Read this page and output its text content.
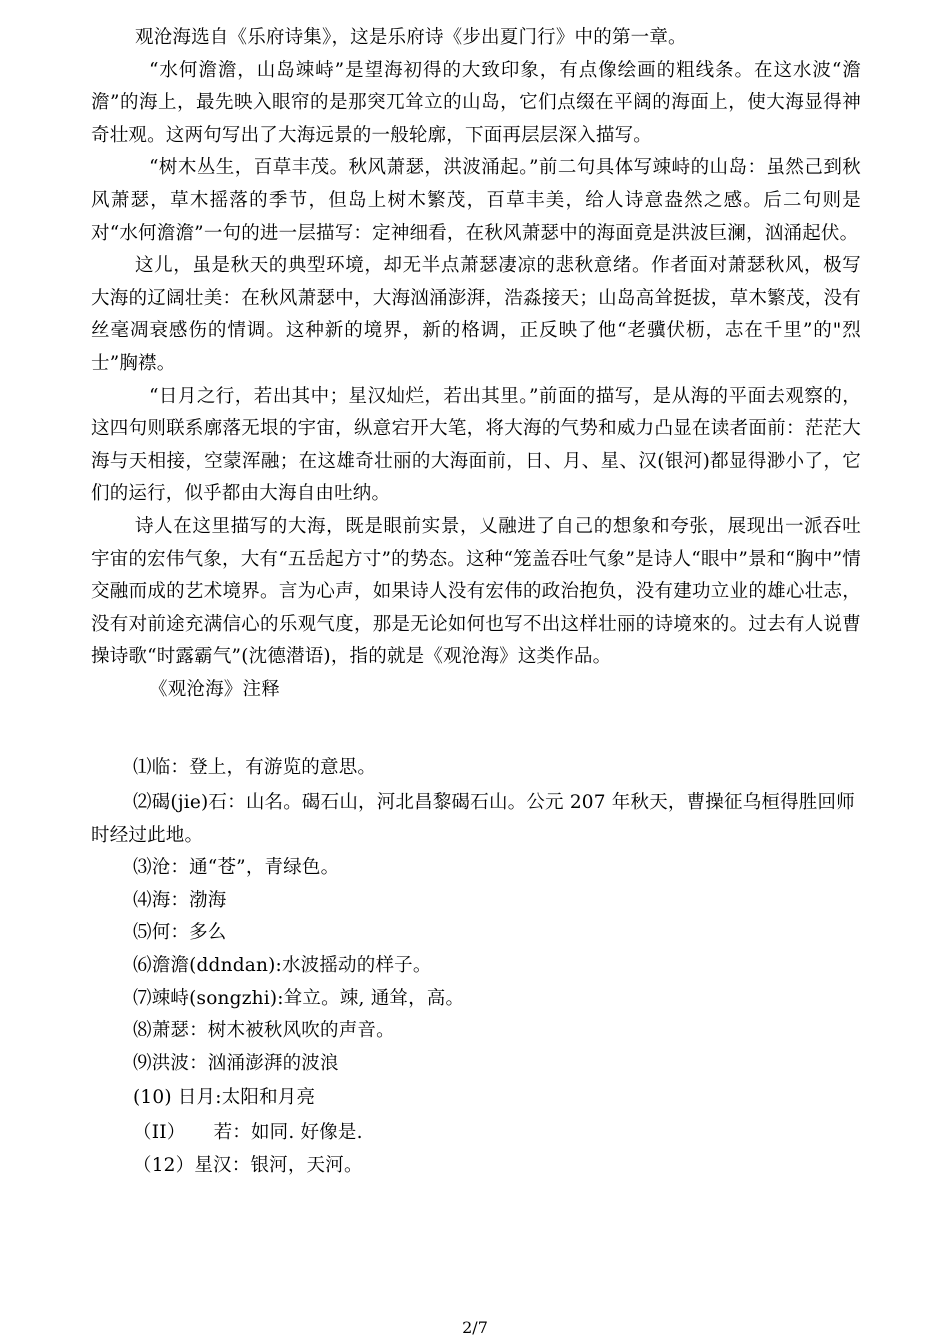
观沧海选自《乐府诗集》，这是乐府诗《步出夏门行》中的第一章。

“水何澹澹，山岛竦峙”是望海初得的大致印象，有点像绘画的粗线条。在这水波“澹澹”的海上，最先映入眼帘的是那突兀耸立的山岛，它们点缀在平阔的海面上，使大海显得神奇壮观。这两句写出了大海远景的一般轮廓，下面再层层深入描写。

“树木丛生，百草丰茂。秋风萧瑟，洪波涌起。”前二句具体写竦峙的山岛：虽然己到秋风萧瑟，草木摇落的季节，但岛上树木繁茂，百草丰美，给人诗意盎然之感。后二句则是对“水何澹澹”一句的进一层描写：定神细看，在秋风萧瑟中的海面竟是洪波巨澜，汹涌起伏。

这儿，虽是秋天的典型环境，却无半点萧瑟凄凉的悲秋意绪。作者面对萧瑟秋风，极写大海的辽阔壮美：在秋风萧瑟中，大海汹涌澎湃，浩淼接天；山岛高耸挺拔，草木繁茂，没有丝毫凋衰感伤的情调。这种新的境界，新的格调，正反映了他“老骥伏枥，志在千里”的"烈士”胸襟。

“日月之行，若出其中；星汉灿烂，若出其里。”前面的描写，是从海的平面去观察的，这四句则联系廓落无垠的宇宙，纵意宕开大笔，将大海的气势和威力凸显在读者面前：茫茫大海与天相接，空蒙浑融；在这雄奇壮丽的大海面前，日、月、星、汉(银河)都显得渺小了，它们的运行，似乎都由大海自由吐纳。

诗人在这里描写的大海，既是眼前实景，乂融进了自己的想象和夸张，展现出一派吞吐宇宙的宏伟气象，大有“五岳起方寸”的势态。这种“笼盖吞吐气象”是诗人“眼中”景和“胸中”情交融而成的艺术境界。言为心声，如果诗人没有宏伟的政治抱负，没有建功立业的雄心壮志，没有对前途充满信心的乐观气度，那是无论如何也写不出这样壮丽的诗境來的。过去有人说曹操诗歌“时露霸气”(沈德潜语)，指的就是《观沧海》这类作品。

《观沧海》注释

⑴临：登上，有游览的意思。

⑵碣(jie)石：山名。碣石山，河北昌黎碣石山。公元 207 年秋天，曹操征乌桓得胜回师时经过此地。

⑶沧：通“苍”，青绿色。

⑷海：渤海

⑸何：多么

⑹澹澹(ddndan):水波摇动的样子。

⑺竦峙(songzhi):耸立。竦, 通耸，高。

⑻萧瑟：树木被秋风吹的声音。

⑼洪波：汹涌澎湃的波浪

(10) 日月:太阳和月亮

（II）　　若：如同. 好像是.

（12）星汉：银河，天河。

2/7
